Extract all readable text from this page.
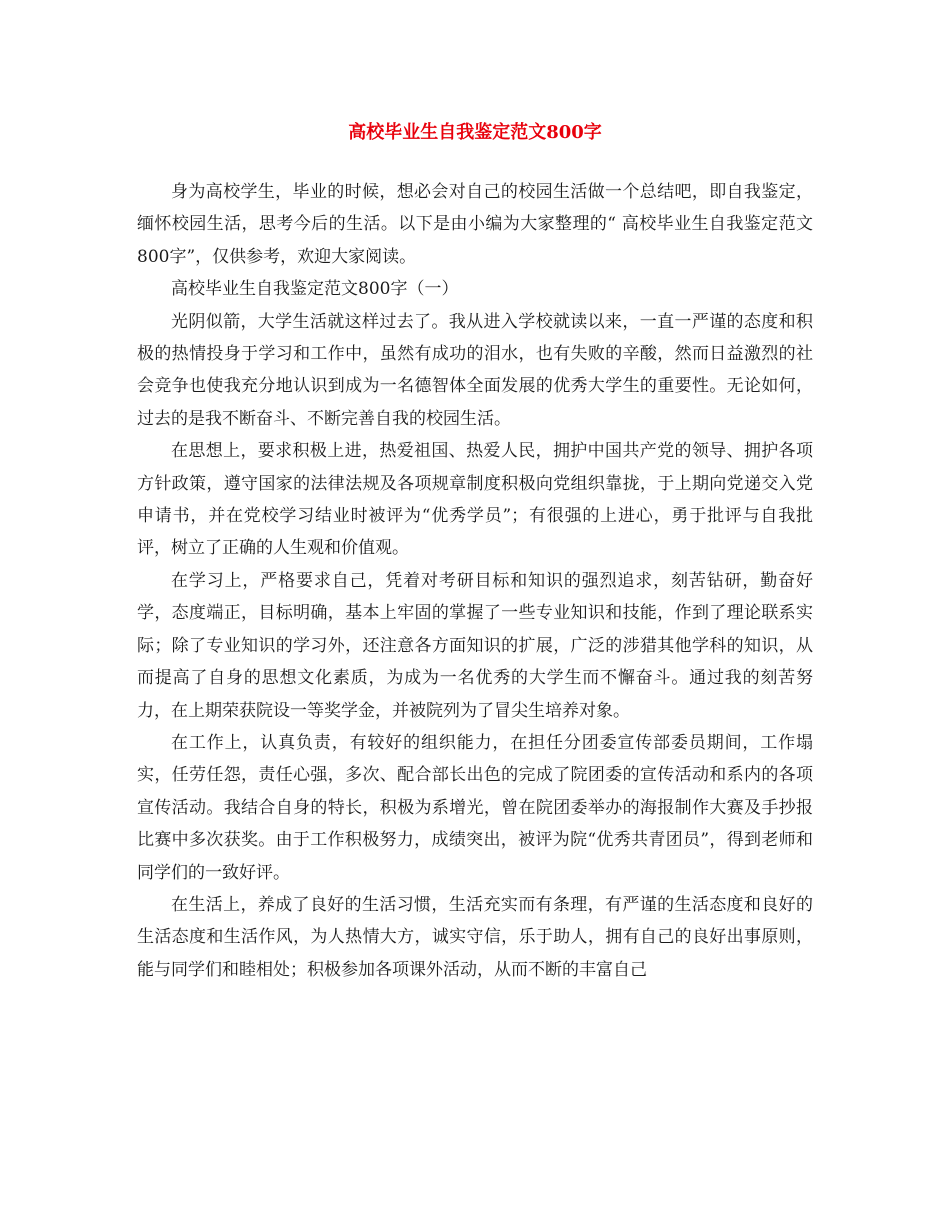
高校毕业生自我鉴定范文800字

身为高校学生，毕业的时候，想必会对自己的校园生活做一个总结吧，即自我鉴定，缅怀校园生活，思考今后的生活。以下是由小编为大家整理的“ 高校毕业生自我鉴定范文800字”，仅供参考，欢迎大家阅读。

高校毕业生自我鉴定范文800字（一）

光阴似箭，大学生活就这样过去了。我从进入学校就读以来，一直一严谨的态度和积极的热情投身于学习和工作中，虽然有成功的泪水，也有失败的辛酸，然而日益激烈的社会竞争也使我充分地认识到成为一名德智体全面发展的优秀大学生的重要性。无论如何，过去的是我不断奋斗、不断完善自我的校园生活。

在思想上，要求积极上进，热爱祖国、热爱人民，拥护中国共产党的领导、拥护各项方针政策，遵守国家的法律法规及各项规章制度积极向党组织靠拢，于上期向党递交入党申请书，并在党校学习结业时被评为“优秀学员”；有很强的上进心，勇于批评与自我批评，树立了正确的人生观和价值观。

在学习上，严格要求自己，凭着对考研目标和知识的强烈追求，刻苦钻研，勤奋好学，态度端正，目标明确，基本上牢固的掌握了一些专业知识和技能，作到了理论联系实际；除了专业知识的学习外，还注意各方面知识的扩展，广泛的涉猎其他学科的知识，从而提高了自身的思想文化素质，为成为一名优秀的大学生而不懈奋斗。通过我的刻苦努力，在上期荣获院设一等奖学金，并被院列为了冒尖生培养对象。

在工作上，认真负责，有较好的组织能力，在担任分团委宣传部委员期间，工作塌实，任劳任怨，责任心强，多次、配合部长出色的完成了院团委的宣传活动和系内的各项宣传活动。我结合自身的特长，积极为系增光，曾在院团委举办的海报制作大赛及手抄报比赛中多次获奖。由于工作积极努力，成绩突出，被评为院“优秀共青团员”，得到老师和同学们的一致好评。

在生活上，养成了良好的生活习惯，生活充实而有条理，有严谨的生活态度和良好的生活态度和生活作风，为人热情大方，诚实守信，乐于助人，拥有自己的良好出事原则，能与同学们和睦相处；积极参加各项课外活动，从而不断的丰富自己
